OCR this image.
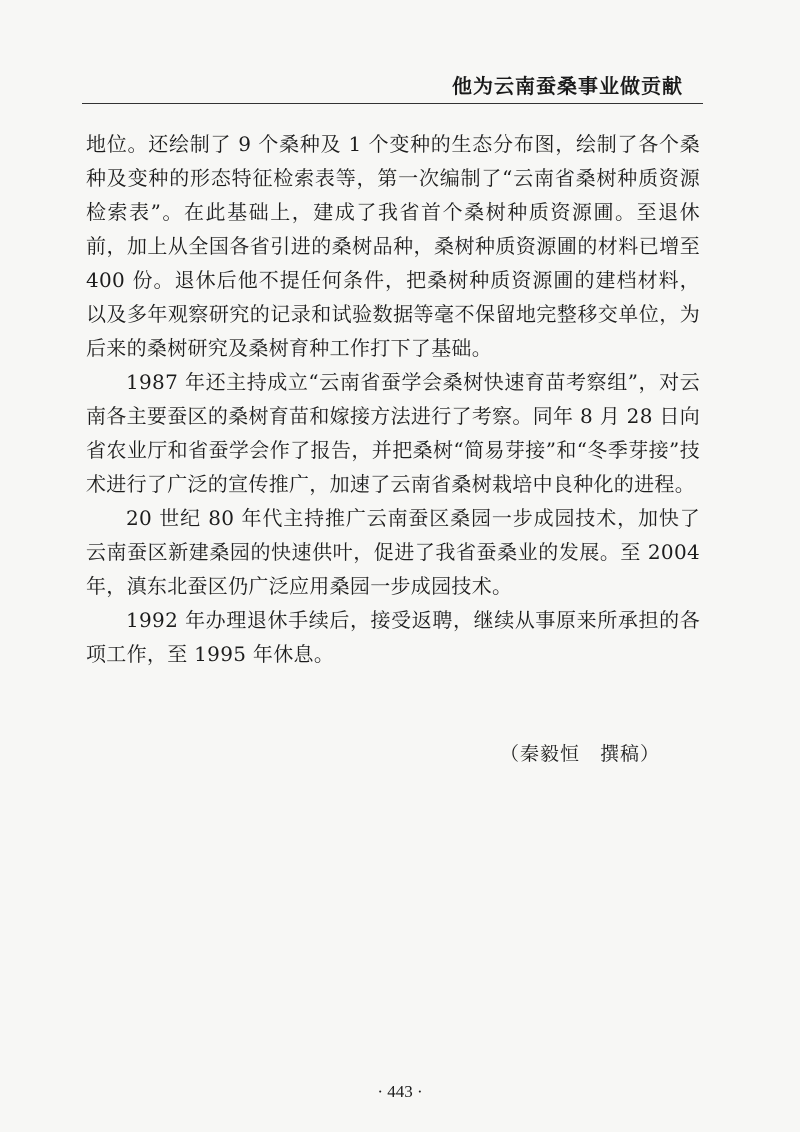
他为云南蚕桑事业做贡献

地位。还绘制了 9 个桑种及 1 个变种的生态分布图，绘制了各个桑种及变种的形态特征检索表等，第一次编制了“云南省桑树种质资源检索表”。在此基础上，建成了我省首个桑树种质资源圃。至退休前，加上从全国各省引进的桑树品种，桑树种质资源圃的材料已增至 400 份。退休后他不提任何条件，把桑树种质资源圃的建档材料，以及多年观察研究的记录和试验数据等毫不保留地完整移交单位，为后来的桑树研究及桑树育种工作打下了基础。

1987 年还主持成立“云南省蚕学会桑树快速育苗考察组”，对云南各主要蚕区的桑树育苗和嫁接方法进行了考察。同年 8 月 28 日向省农业厅和省蚕学会作了报告，并把桑树“简易芽接”和“冬季芽接”技术进行了广泛的宣传推广，加速了云南省桑树栽培中良种化的进程。

20 世纪 80 年代主持推广云南蚕区桑园一步成园技术，加快了云南蚕区新建桑园的快速供叶，促进了我省蚕桑业的发展。至 2004 年，滇东北蚕区仍广泛应用桑园一步成园技术。

1992 年办理退休手续后，接受返聘，继续从事原来所承担的各项工作，至 1995 年休息。

（秦毅恒　撰稿）
· 443 ·
